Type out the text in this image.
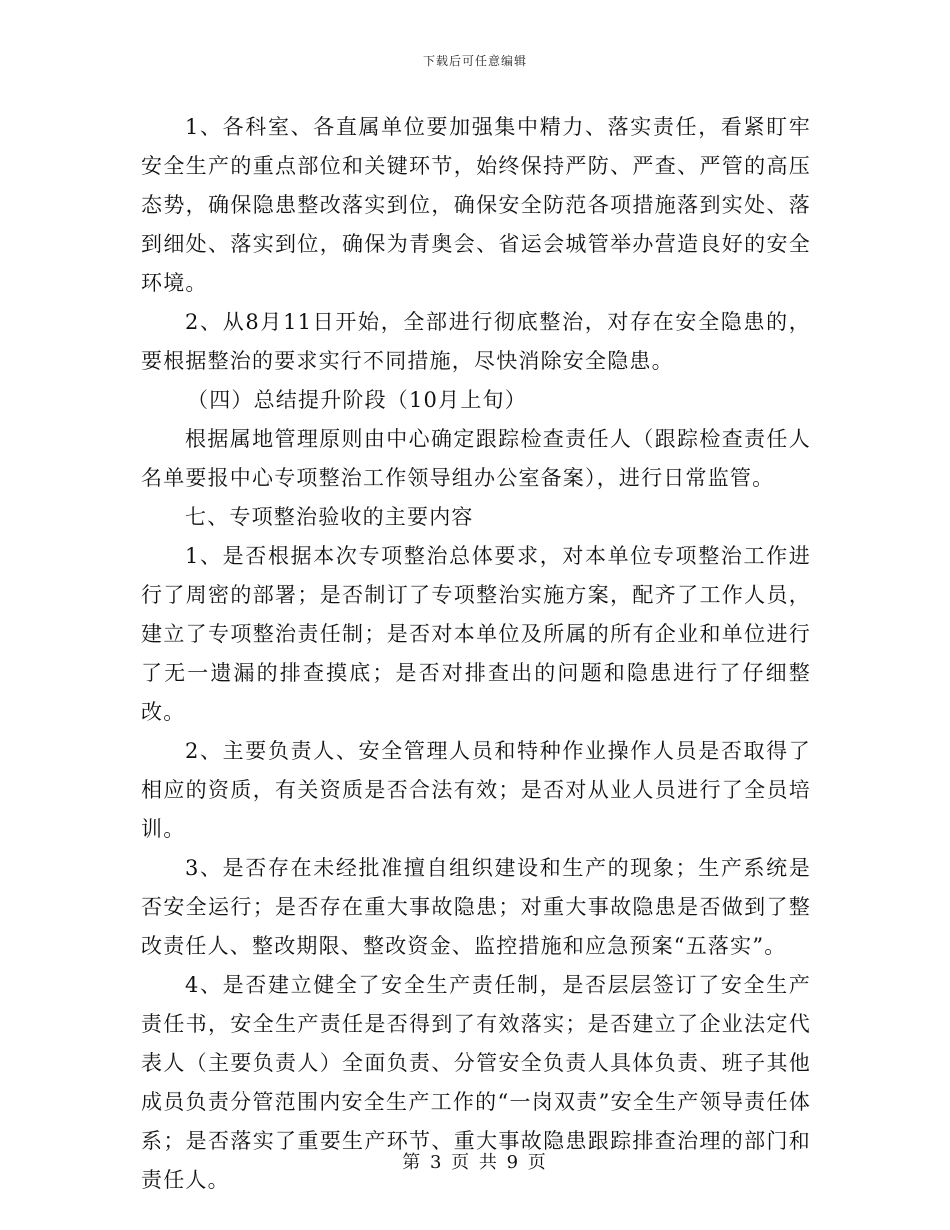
下载后可任意编辑

1、各科室、各直属单位要加强集中精力、落实责任，看紧盯牢安全生产的重点部位和关键环节，始终保持严防、严查、严管的高压态势，确保隐患整改落实到位，确保安全防范各项措施落到实处、落到细处、落实到位，确保为青奥会、省运会城管举办营造良好的安全环境。

2、从8月11日开始，全部进行彻底整治，对存在安全隐患的，要根据整治的要求实行不同措施，尽快消除安全隐患。

（四）总结提升阶段（10月上旬）

根据属地管理原则由中心确定跟踪检查责任人（跟踪检查责任人名单要报中心专项整治工作领导组办公室备案），进行日常监管。

七、专项整治验收的主要内容

1、是否根据本次专项整治总体要求，对本单位专项整治工作进行了周密的部署；是否制订了专项整治实施方案，配齐了工作人员，建立了专项整治责任制；是否对本单位及所属的所有企业和单位进行了无一遗漏的排查摸底；是否对排查出的问题和隐患进行了仔细整改。

2、主要负责人、安全管理人员和特种作业操作人员是否取得了相应的资质，有关资质是否合法有效；是否对从业人员进行了全员培训。

3、是否存在未经批准擅自组织建设和生产的现象；生产系统是否安全运行；是否存在重大事故隐患；对重大事故隐患是否做到了整改责任人、整改期限、整改资金、监控措施和应急预案“五落实”。

4、是否建立健全了安全生产责任制，是否层层签订了安全生产责任书，安全生产责任是否得到了有效落实；是否建立了企业法定代表人（主要负责人）全面负责、分管安全负责人具体负责、班子其他成员负责分管范围内安全生产工作的“一岗双责”安全生产领导责任体系；是否落实了重要生产环节、重大事故隐患跟踪排查治理的部门和责任人。

第 3 页 共 9 页
